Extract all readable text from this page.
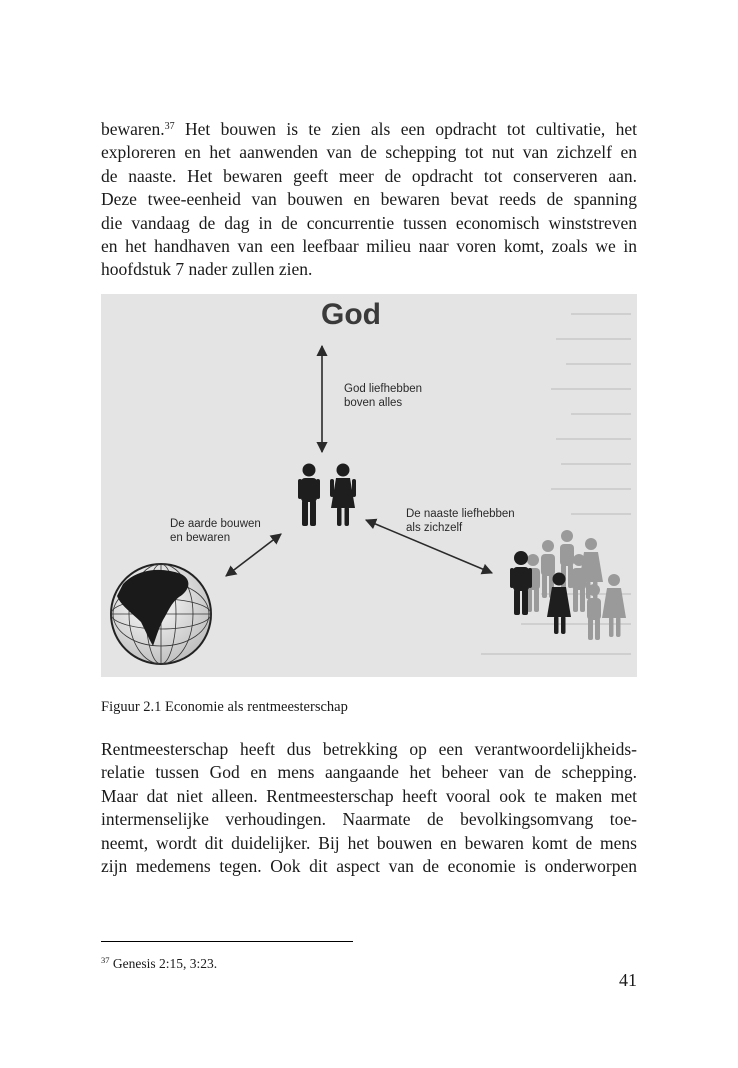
bewaren.$^{37}$ Het bouwen is te zien als een opdracht tot cultivatie, het
exploreren en het aanwenden van de schepping tot nut van zichzelf en
de naaste. Het bewaren geeft meer de opdracht tot conserveren aan.
Deze twee-eenheid van bouwen en bewaren bevat reeds de spanning
die vandaag de dag in de concurrentie tussen economisch winststreven
en het handhaven van een leefbaar milieu naar voren komt, zoals we in
hoofdstuk 7 nader zullen zien.
God
God liefhebben
boven alles
De aarde bouwen
en bewaren
De naaste liefhebben
als zichzelf
Figuur 2.1 Economie als rentmeesterschap
Rentmeesterschap heeft dus betrekking op een verantwoordelijkheids-
relatie tussen God en mens aangaande het beheer van de schepping.
Maar dat niet alleen. Rentmeesterschap heeft vooral ook te maken met
intermenselijke verhoudingen. Naarmate de bevolkingsomvang toe-
neemt, wordt dit duidelijker. Bij het bouwen en bewaren komt de mens
zijn medemens tegen. Ook dit aspect van de economie is onderworpen
$^{37}$ Genesis 2:15, 3:23.
41
